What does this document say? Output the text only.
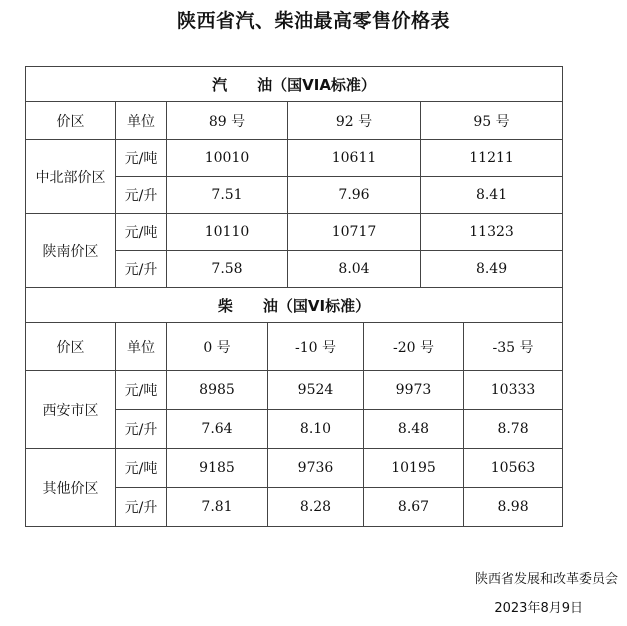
陕西省汽、柴油最高零售价格表
汽　　油（国VIA标准）							
价区	单位	89 号		92 号		95 号	
中北部价区	元/吨	10010		10611		11211	
	元/升	7.51		7.96		8.41	
陕南价区	元/吨	10110		10717		11323	
	元/升	7.58		8.04		8.49	
柴　　油（国VI标准）							
价区	单位	0 号	-10 号		-20 号		-35 号
西安市区	元/吨	8985	9524		9973		10333
	元/升	7.64	8.10		8.48		8.78
其他价区	元/吨	9185	9736		10195		10563
	元/升	7.81	8.28		8.67		8.98
陕西省发展和改革委员会
2023年8月9日
